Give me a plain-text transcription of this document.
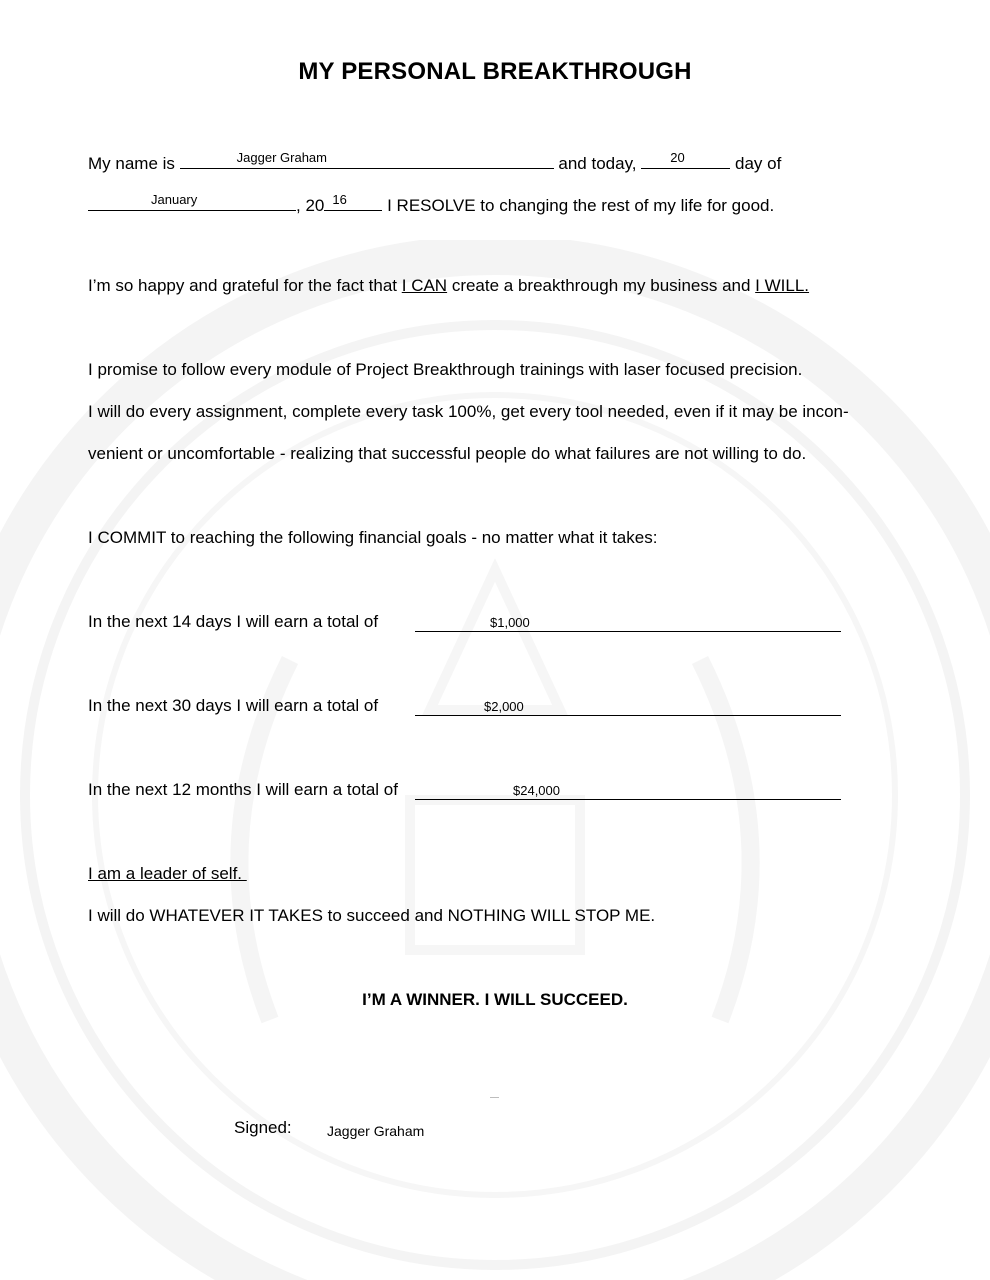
MY PERSONAL BREAKTHROUGH
My name is	Jagger Graham	and today,	20	day of
January	, 20 16 I RESOLVE to changing the rest of my life for good.
I’m so happy and grateful for the fact that I CAN create a breakthrough my business and I WILL.
I promise to follow every module of Project Breakthrough trainings with laser focused precision.
I will do every assignment, complete every task 100%, get every tool needed, even if it may be incon-
venient or uncomfortable - realizing that successful people do what failures are not willing to do.
I COMMIT to reaching the following financial goals - no matter what it takes:
In the next 14 days I will earn a total of	$1,000
In the next 30 days I will earn a total of	$2,000
In the next 12 months I will earn a total of	$24,000
I am a leader of self.
I will do WHATEVER IT TAKES to succeed and NOTHING WILL STOP ME.
I’M A WINNER. I WILL SUCCEED.
Signed:	Jagger Graham
